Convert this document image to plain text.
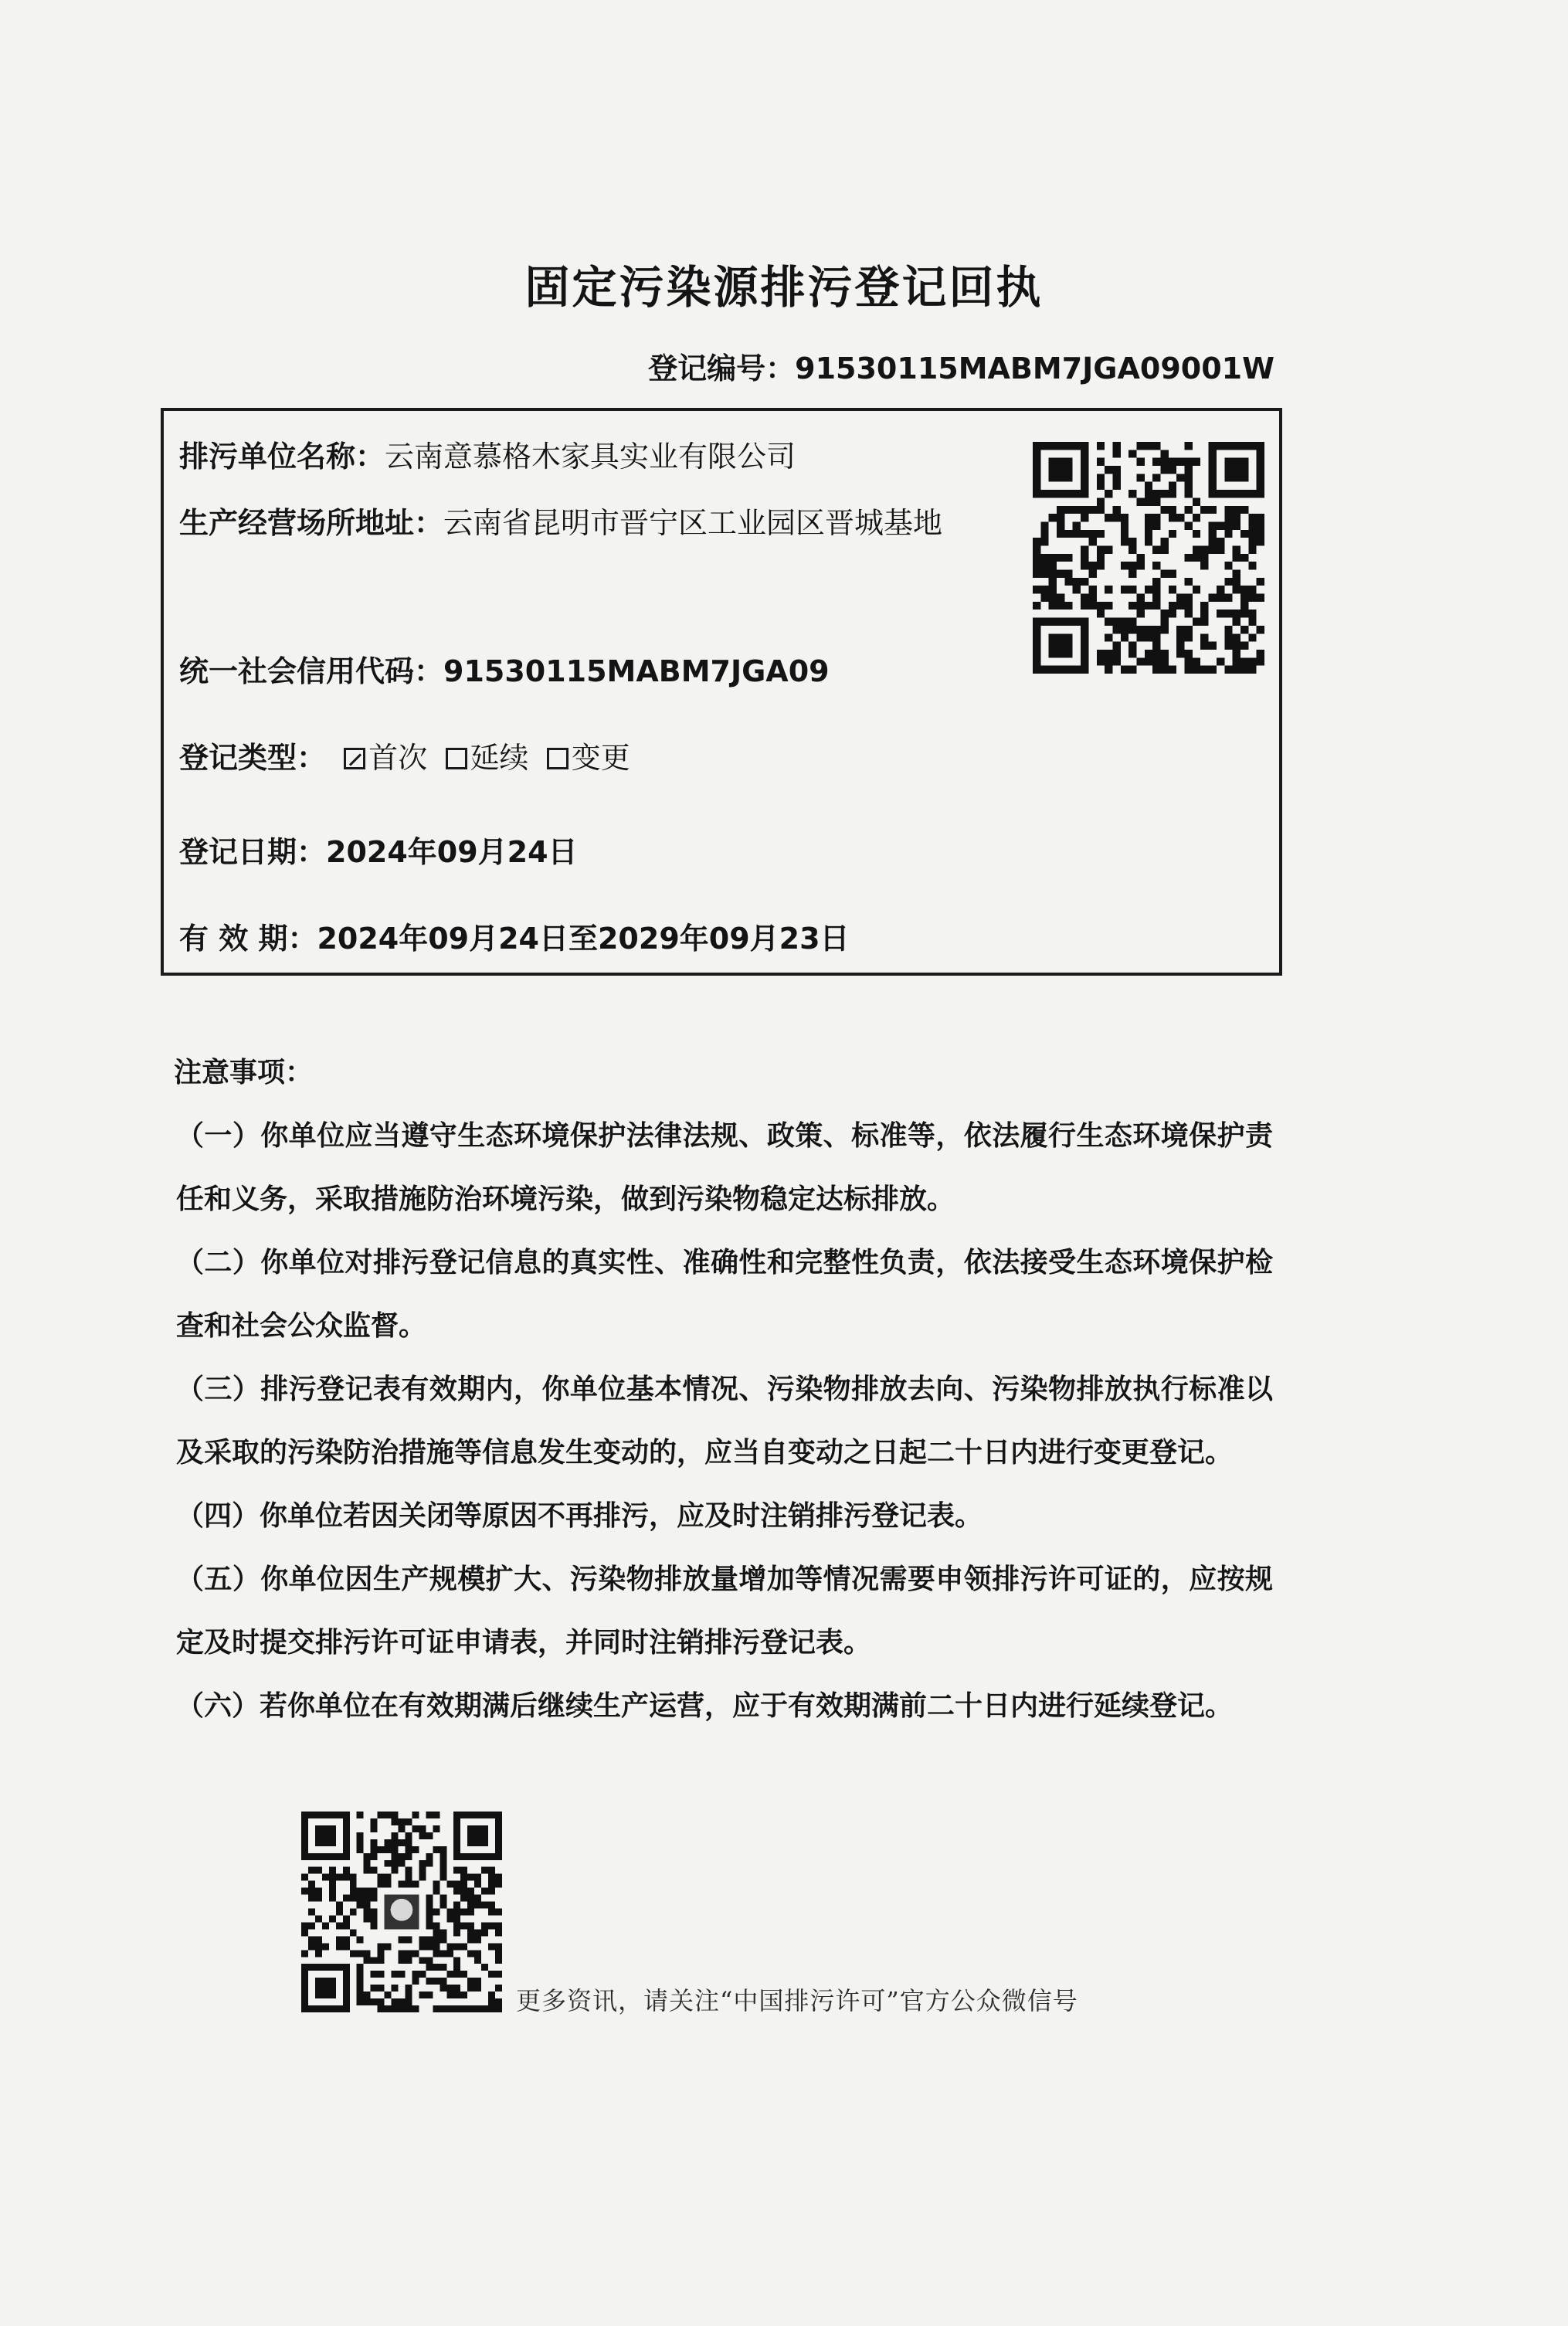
固定污染源排污登记回执
登记编号：91530115MABM7JGA09001W
排污单位名称：云南意慕格木家具实业有限公司
生产经营场所地址：云南省昆明市晋宁区工业园区晋城基地
统一社会信用代码：91530115MABM7JGA09
登记类型： 首次 延续 变更
登记日期：2024年09月24日
有 效 期：2024年09月24日至2029年09月23日
注意事项：

（一）你单位应当遵守生态环境保护法律法规、政策、标准等，依法履行生态环境保护责任和义务，采取措施防治环境污染，做到污染物稳定达标排放。

（二）你单位对排污登记信息的真实性、准确性和完整性负责，依法接受生态环境保护检查和社会公众监督。

（三）排污登记表有效期内，你单位基本情况、污染物排放去向、污染物排放执行标准以及采取的污染防治措施等信息发生变动的，应当自变动之日起二十日内进行变更登记。

（四）你单位若因关闭等原因不再排污，应及时注销排污登记表。

（五）你单位因生产规模扩大、污染物排放量增加等情况需要申领排污许可证的，应按规定及时提交排污许可证申请表，并同时注销排污登记表。

（六）若你单位在有效期满后继续生产运营，应于有效期满前二十日内进行延续登记。

更多资讯，请关注“中国排污许可”官方公众微信号
